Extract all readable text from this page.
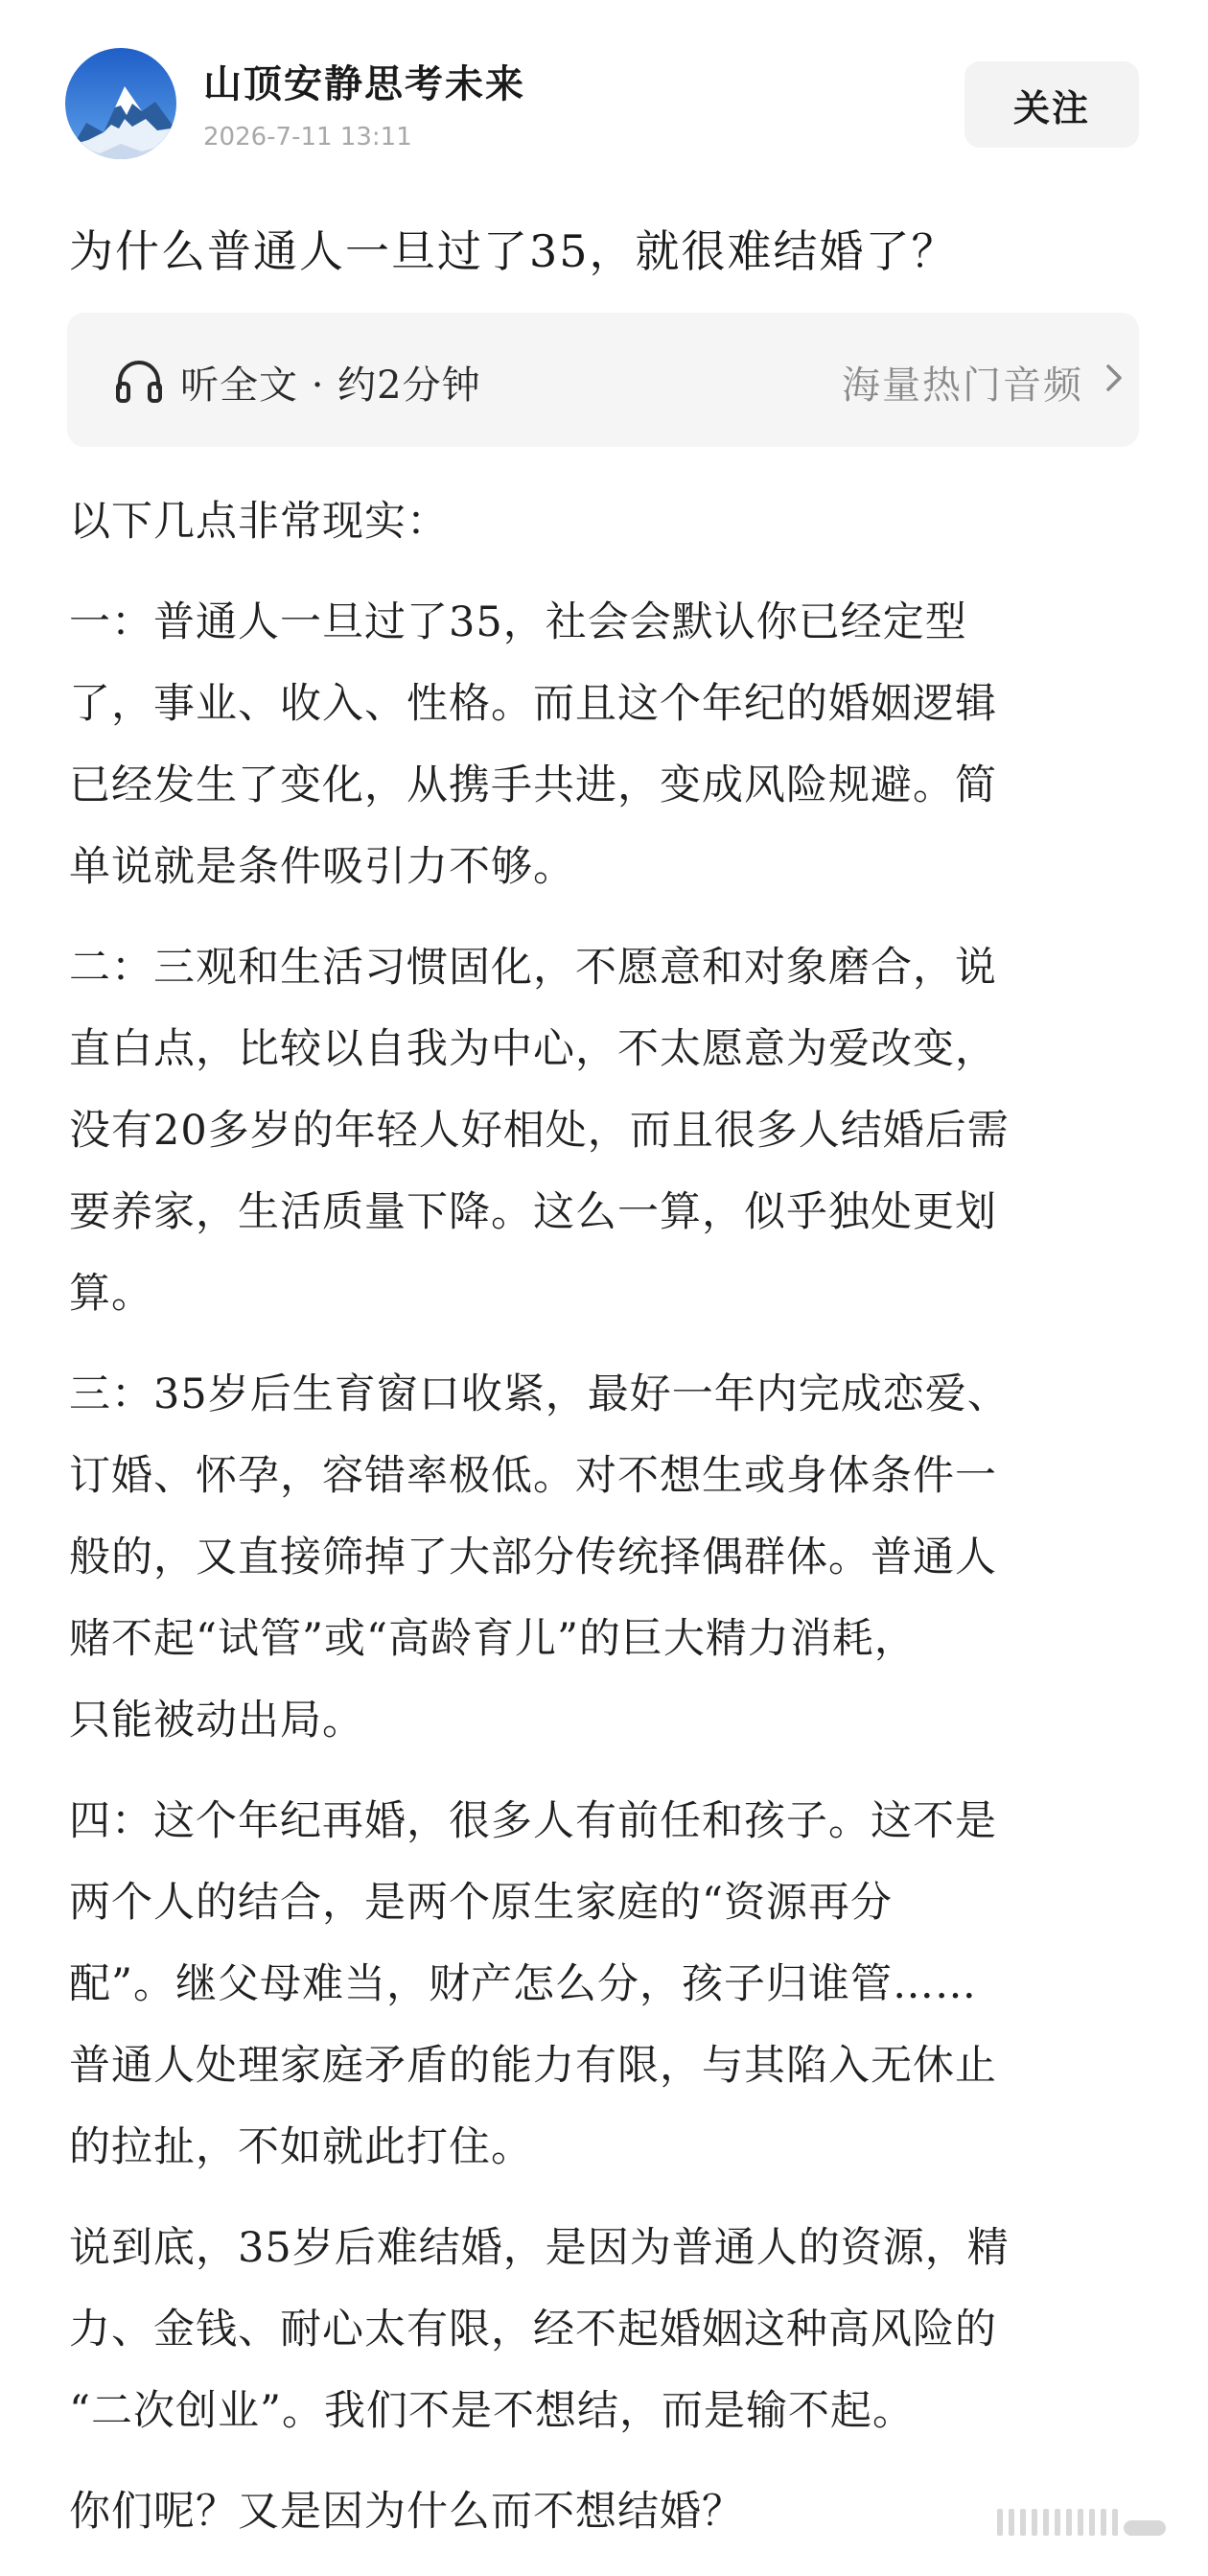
山顶安静思考未来
2026-7-11 13:11
关注
为什么普通人一旦过了35，就很难结婚了？
听全文 · 约2分钟	海量热门音频

以下几点非常现实：

一：普通人一旦过了35，社会会默认你已经定型
了，事业、收入、性格。而且这个年纪的婚姻逻辑
已经发生了变化，从携手共进，变成风险规避。简
单说就是条件吸引力不够。

二：三观和生活习惯固化，不愿意和对象磨合，说
直白点，比较以自我为中心，不太愿意为爱改变，
没有20多岁的年轻人好相处，而且很多人结婚后需
要养家，生活质量下降。这么一算，似乎独处更划
算。

三：35岁后生育窗口收紧，最好一年内完成恋爱、
订婚、怀孕，容错率极低。对不想生或身体条件一
般的，又直接筛掉了大部分传统择偶群体。普通人
赌不起“试管”或“高龄育儿”的巨大精力消耗，
只能被动出局。

四：这个年纪再婚，很多人有前任和孩子。这不是
两个人的结合，是两个原生家庭的“资源再分
配”。继父母难当，财产怎么分，孩子归谁管……
普通人处理家庭矛盾的能力有限，与其陷入无休止
的拉扯，不如就此打住。

说到底，35岁后难结婚，是因为普通人的资源，精
力、金钱、耐心太有限，经不起婚姻这种高风险的
“二次创业”。我们不是不想结，而是输不起。

你们呢？又是因为什么而不想结婚？
